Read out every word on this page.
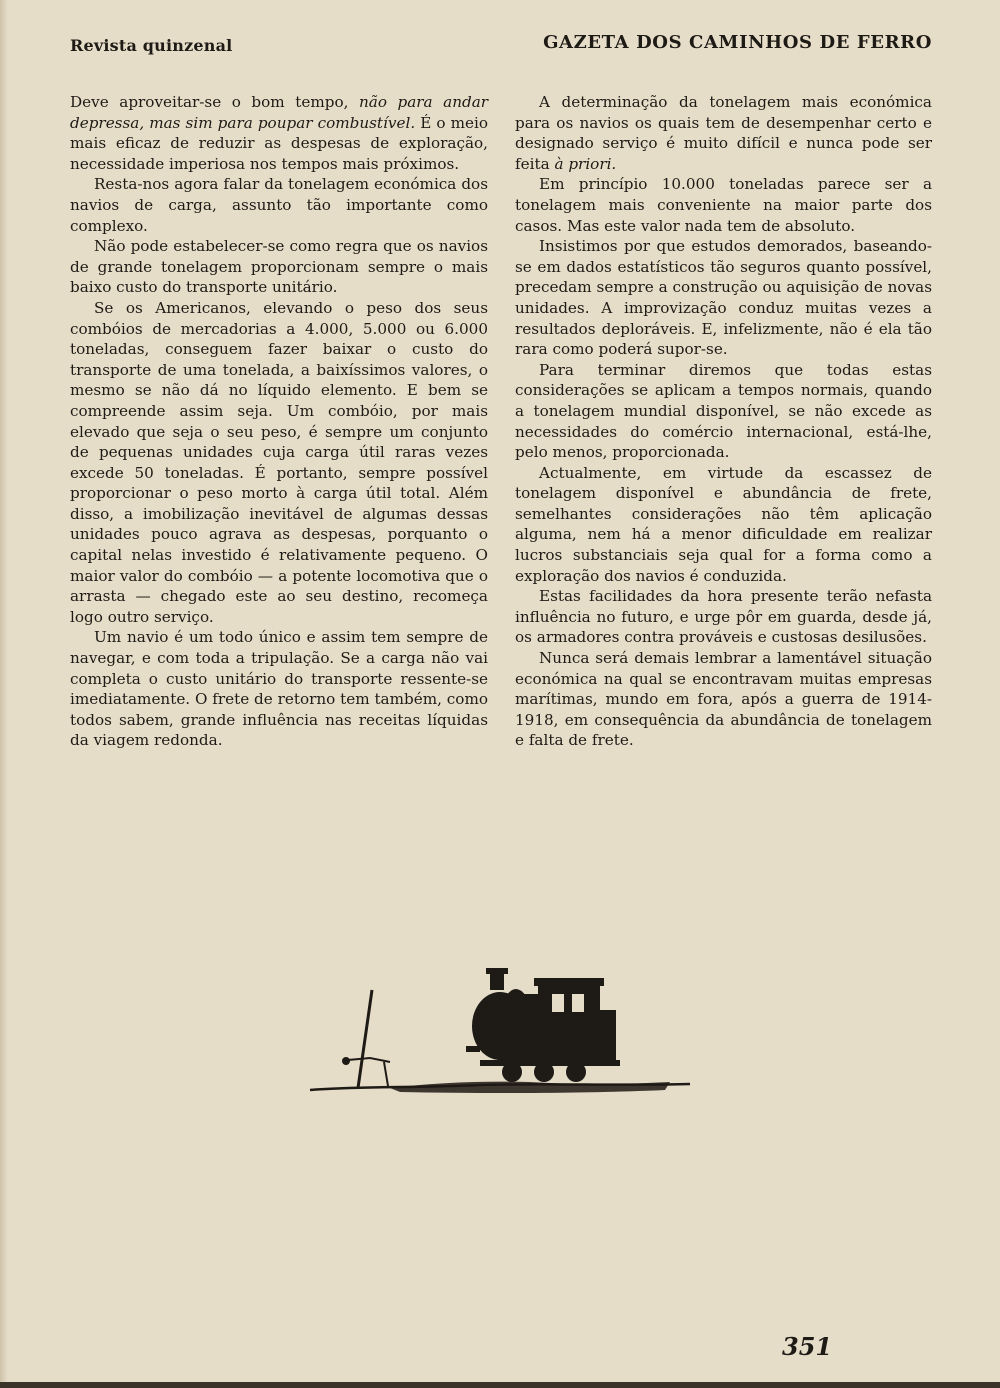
Revista quinzenal	GAZETA DOS CAMINHOS DE FERRO

Deve aproveitar-se o bom tempo, não para andar depressa, mas sim para poupar combustível. É o meio mais eficaz de reduzir as despesas de exploração, necessidade imperiosa nos tempos mais próximos.

Resta-nos agora falar da tonelagem económica dos navios de carga, assunto tão importante como complexo.

Não pode estabelecer-se como regra que os navios de grande tonelagem proporcionam sempre o mais baixo custo do transporte unitário.

Se os Americanos, elevando o peso dos seus combóios de mercadorias a 4.000, 5.000 ou 6.000 toneladas, conseguem fazer baixar o custo do transporte de uma tonelada, a baixíssimos valores, o mesmo se não dá no líquido elemento. E bem se compreende assim seja. Um combóio, por mais elevado que seja o seu peso, é sempre um conjunto de pequenas unidades cuja carga útil raras vezes excede 50 toneladas. É portanto, sempre possível proporcionar o peso morto à carga útil total. Além disso, a imobilização inevitável de algumas dessas unidades pouco agrava as despesas, porquanto o capital nelas investido é relativamente pequeno. O maior valor do combóio — a potente locomotiva que o arrasta — chegado este ao seu destino, recomeça logo outro serviço.

Um navio é um todo único e assim tem sempre de navegar, e com toda a tripulação. Se a carga não vai completa o custo unitário do transporte ressente-se imediatamente. O frete de retorno tem também, como todos sabem, grande influência nas receitas líquidas da viagem redonda.

A determinação da tonelagem mais económica para os navios os quais tem de desempenhar certo e designado serviço é muito difícil e nunca pode ser feita à priori.

Em princípio 10.000 toneladas parece ser a tonelagem mais conveniente na maior parte dos casos. Mas este valor nada tem de absoluto.

Insistimos por que estudos demorados, baseando-se em dados estatísticos tão seguros quanto possível, precedam sempre a construção ou aquisição de novas unidades. A improvização conduz muitas vezes a resultados deploráveis. E, infelizmente, não é ela tão rara como poderá supor-se.

Para terminar diremos que todas estas considerações se aplicam a tempos normais, quando a tonelagem mundial disponível, se não excede as necessidades do comércio internacional, está-lhe, pelo menos, proporcionada.

Actualmente, em virtude da escassez de tonelagem disponível e abundância de frete, semelhantes considerações não têm aplicação alguma, nem há a menor dificuldade em realizar lucros substanciais seja qual for a forma como a exploração dos navios é conduzida.

Estas facilidades da hora presente terão nefasta influência no futuro, e urge pôr em guarda, desde já, os armadores contra prováveis e custosas desilusões.

Nunca será demais lembrar a lamentável situação económica na qual se encontravam muitas empresas marítimas, mundo em fora, após a guerra de 1914-1918, em consequência da abundância de tonelagem e falta de frete.

351
